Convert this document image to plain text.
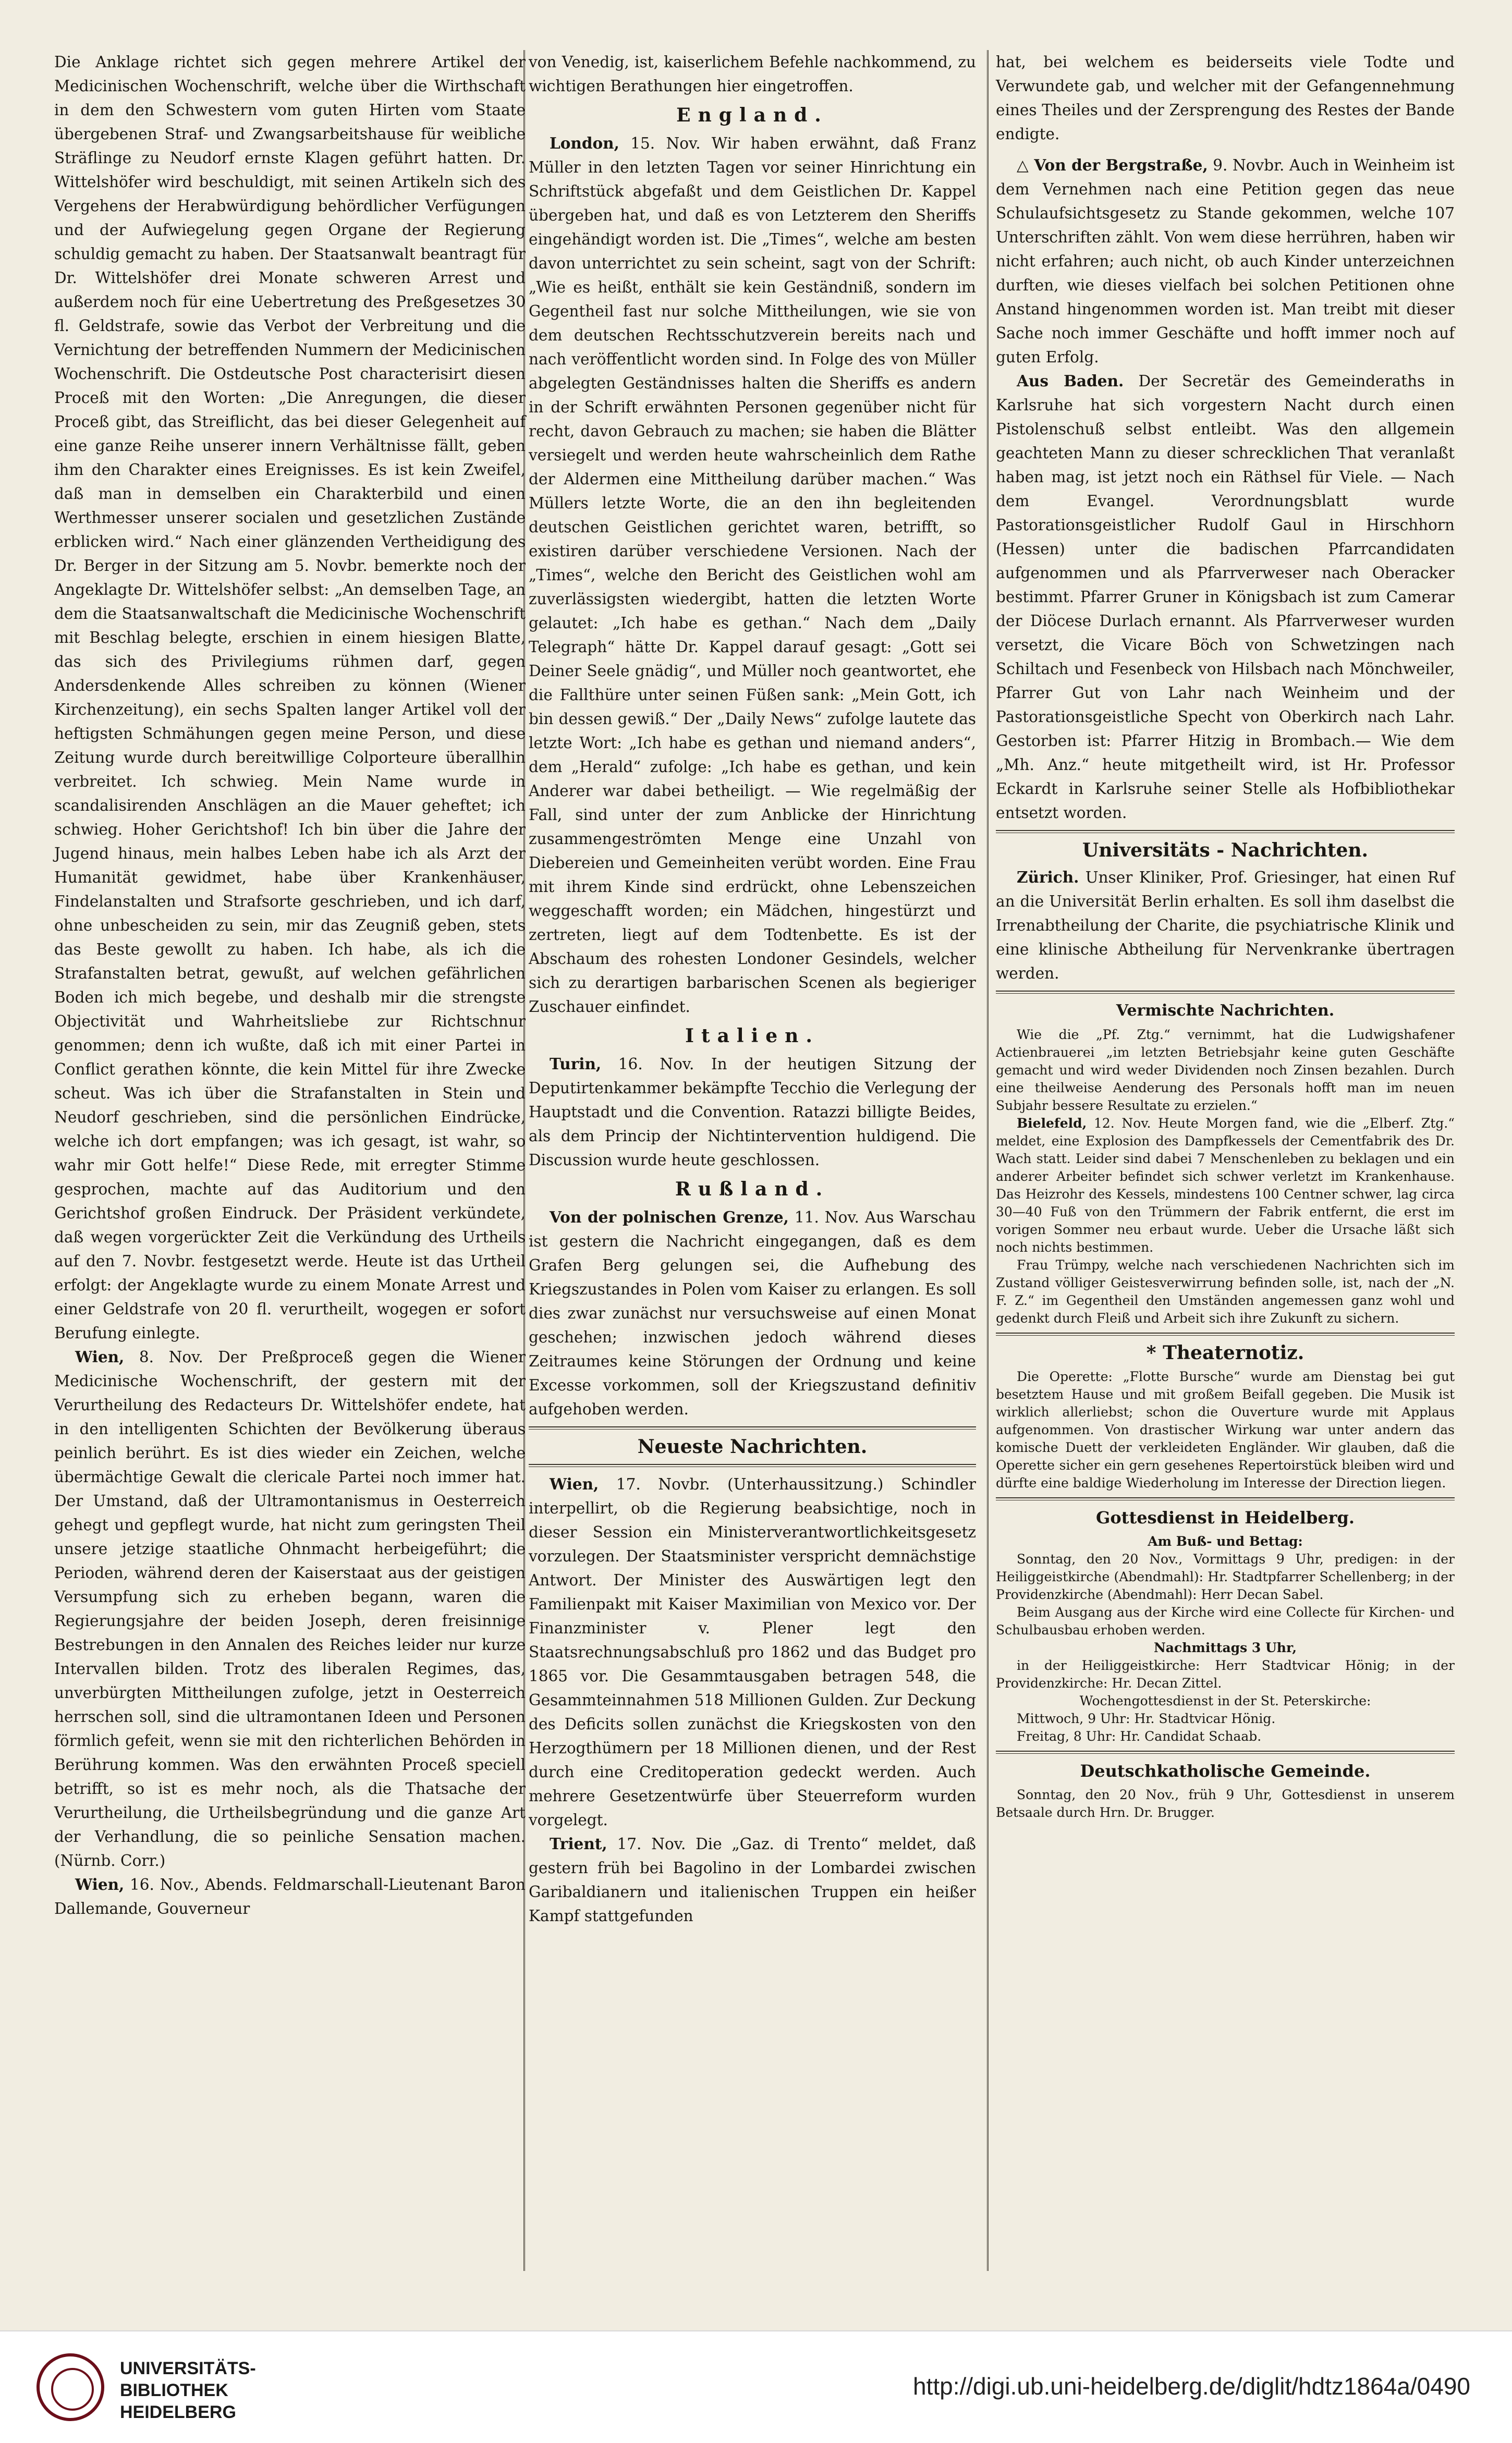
Die Anklage richtet sich gegen mehrere Artikel der Medicinischen Wochenschrift, welche über die Wirthschaft in dem den Schwestern vom guten Hirten vom Staate übergebenen Straf- und Zwangsarbeitshause für weibliche Sträflinge zu Neudorf ernste Klagen geführt hatten. Dr. Wittelshöfer wird beschuldigt, mit seinen Artikeln sich des Vergehens der Herabwürdigung behördlicher Verfügungen und der Aufwiegelung gegen Organe der Regierung schuldig gemacht zu haben. Der Staatsanwalt beantragt für Dr. Wittelshöfer drei Monate schweren Arrest und außerdem noch für eine Uebertretung des Preßgesetzes 30 fl. Geldstrafe, sowie das Verbot der Verbreitung und die Vernichtung der betreffenden Nummern der Medicinischen Wochenschrift. Die Ostdeutsche Post characterisirt diesen Proceß mit den Worten: „Die Anregungen, die dieser Proceß gibt, das Streiflicht, das bei dieser Gelegenheit auf eine ganze Reihe unserer innern Verhältnisse fällt, geben ihm den Charakter eines Ereignisses. Es ist kein Zweifel, daß man in demselben ein Charakterbild und einen Werthmesser unserer socialen und gesetzlichen Zustände erblicken wird.“ Nach einer glänzenden Vertheidigung des Dr. Berger in der Sitzung am 5. Novbr. bemerkte noch der Angeklagte Dr. Wittelshöfer selbst: „An demselben Tage, an dem die Staatsanwaltschaft die Medicinische Wochenschrift mit Beschlag belegte, erschien in einem hiesigen Blatte, das sich des Privilegiums rühmen darf, gegen Andersdenkende Alles schreiben zu können (Wiener Kirchenzeitung), ein sechs Spalten langer Artikel voll der heftigsten Schmähungen gegen meine Person, und diese Zeitung wurde durch bereitwillige Colporteure überallhin verbreitet. Ich schwieg. Mein Name wurde in scandalisirenden Anschlägen an die Mauer geheftet; ich schwieg. Hoher Gerichtshof! Ich bin über die Jahre der Jugend hinaus, mein halbes Leben habe ich als Arzt der Humanität gewidmet, habe über Krankenhäuser, Findelanstalten und Strafsorte geschrieben, und ich darf, ohne unbescheiden zu sein, mir das Zeugniß geben, stets das Beste gewollt zu haben. Ich habe, als ich die Strafanstalten betrat, gewußt, auf welchen gefährlichen Boden ich mich begebe, und deshalb mir die strengste Objectivität und Wahrheitsliebe zur Richtschnur genommen; denn ich wußte, daß ich mit einer Partei in Conflict gerathen könnte, die kein Mittel für ihre Zwecke scheut. Was ich über die Strafanstalten in Stein und Neudorf geschrieben, sind die persönlichen Eindrücke, welche ich dort empfangen; was ich gesagt, ist wahr, so wahr mir Gott helfe!“ Diese Rede, mit erregter Stimme gesprochen, machte auf das Auditorium und den Gerichtshof großen Eindruck. Der Präsident verkündete, daß wegen vorgerückter Zeit die Verkündung des Urtheils auf den 7. Novbr. festgesetzt werde. Heute ist das Urtheil erfolgt: der Angeklagte wurde zu einem Monate Arrest und einer Geldstrafe von 20 fl. verurtheilt, wogegen er sofort Berufung einlegte.

Wien, 8. Nov. Der Preßproceß gegen die Wiener Medicinische Wochenschrift, der gestern mit der Verurtheilung des Redacteurs Dr. Wittelshöfer endete, hat in den intelligenten Schichten der Bevölkerung überaus peinlich berührt. Es ist dies wieder ein Zeichen, welche übermächtige Gewalt die clericale Partei noch immer hat. Der Umstand, daß der Ultramontanismus in Oesterreich gehegt und gepflegt wurde, hat nicht zum geringsten Theil unsere jetzige staatliche Ohnmacht herbeigeführt; die Perioden, während deren der Kaiserstaat aus der geistigen Versumpfung sich zu erheben begann, waren die Regierungsjahre der beiden Joseph, deren freisinnige Bestrebungen in den Annalen des Reiches leider nur kurze Intervallen bilden. Trotz des liberalen Regimes, das, unverbürgten Mittheilungen zufolge, jetzt in Oesterreich herrschen soll, sind die ultramontanen Ideen und Personen förmlich gefeit, wenn sie mit den richterlichen Behörden in Berührung kommen. Was den erwähnten Proceß speciell betrifft, so ist es mehr noch, als die Thatsache der Verurtheilung, die Urtheilsbegründung und die ganze Art der Verhandlung, die so peinliche Sensation machen. (Nürnb. Corr.)

Wien, 16. Nov., Abends. Feldmarschall-Lieutenant Baron Dallemande, Gouverneur

von Venedig, ist, kaiserlichem Befehle nachkommend, zu wichtigen Berathungen hier eingetroffen.

England.

London, 15. Nov. Wir haben erwähnt, daß Franz Müller in den letzten Tagen vor seiner Hinrichtung ein Schriftstück abgefaßt und dem Geistlichen Dr. Kappel übergeben hat, und daß es von Letzterem den Sheriffs eingehändigt worden ist. Die „Times“, welche am besten davon unterrichtet zu sein scheint, sagt von der Schrift: „Wie es heißt, enthält sie kein Geständniß, sondern im Gegentheil fast nur solche Mittheilungen, wie sie von dem deutschen Rechtsschutzverein bereits nach und nach veröffentlicht worden sind. In Folge des von Müller abgelegten Geständnisses halten die Sheriffs es andern in der Schrift erwähnten Personen gegenüber nicht für recht, davon Gebrauch zu machen; sie haben die Blätter versiegelt und werden heute wahrscheinlich dem Rathe der Aldermen eine Mittheilung darüber machen.“ Was Müllers letzte Worte, die an den ihn begleitenden deutschen Geistlichen gerichtet waren, betrifft, so existiren darüber verschiedene Versionen. Nach der „Times“, welche den Bericht des Geistlichen wohl am zuverlässigsten wiedergibt, hatten die letzten Worte gelautet: „Ich habe es gethan.“ Nach dem „Daily Telegraph“ hätte Dr. Kappel darauf gesagt: „Gott sei Deiner Seele gnädig“, und Müller noch geantwortet, ehe die Fallthüre unter seinen Füßen sank: „Mein Gott, ich bin dessen gewiß.“ Der „Daily News“ zufolge lautete das letzte Wort: „Ich habe es gethan und niemand anders“, dem „Herald“ zufolge: „Ich habe es gethan, und kein Anderer war dabei betheiligt. — Wie regelmäßig der Fall, sind unter der zum Anblicke der Hinrichtung zusammengeströmten Menge eine Unzahl von Diebereien und Gemeinheiten verübt worden. Eine Frau mit ihrem Kinde sind erdrückt, ohne Lebenszeichen weggeschafft worden; ein Mädchen, hingestürzt und zertreten, liegt auf dem Todtenbette. Es ist der Abschaum des rohesten Londoner Gesindels, welcher sich zu derartigen barbarischen Scenen als begieriger Zuschauer einfindet.

Italien.

Turin, 16. Nov. In der heutigen Sitzung der Deputirtenkammer bekämpfte Tecchio die Verlegung der Hauptstadt und die Convention. Ratazzi billigte Beides, als dem Princip der Nichtintervention huldigend. Die Discussion wurde heute geschlossen.

Rußland.

Von der polnischen Grenze, 11. Nov. Aus Warschau ist gestern die Nachricht eingegangen, daß es dem Grafen Berg gelungen sei, die Aufhebung des Kriegszustandes in Polen vom Kaiser zu erlangen. Es soll dies zwar zunächst nur versuchsweise auf einen Monat geschehen; inzwischen jedoch während dieses Zeitraumes keine Störungen der Ordnung und keine Excesse vorkommen, soll der Kriegszustand definitiv aufgehoben werden.

Neueste Nachrichten.

Wien, 17. Novbr. (Unterhaussitzung.) Schindler interpellirt, ob die Regierung beabsichtige, noch in dieser Session ein Ministerverantwortlichkeitsgesetz vorzulegen. Der Staatsminister verspricht demnächstige Antwort. Der Minister des Auswärtigen legt den Familienpakt mit Kaiser Maximilian von Mexico vor. Der Finanzminister v. Plener legt den Staatsrechnungsabschluß pro 1862 und das Budget pro 1865 vor. Die Gesammtausgaben betragen 548, die Gesammteinnahmen 518 Millionen Gulden. Zur Deckung des Deficits sollen zunächst die Kriegskosten von den Herzogthümern per 18 Millionen dienen, und der Rest durch eine Creditoperation gedeckt werden. Auch mehrere Gesetzentwürfe über Steuerreform wurden vorgelegt.

Trient, 17. Nov. Die „Gaz. di Trento“ meldet, daß gestern früh bei Bagolino in der Lombardei zwischen Garibaldianern und italienischen Truppen ein heißer Kampf stattgefunden

hat, bei welchem es beiderseits viele Todte und Verwundete gab, und welcher mit der Gefangennehmung eines Theiles und der Zersprengung des Restes der Bande endigte.

△ Von der Bergstraße, 9. Novbr. Auch in Weinheim ist dem Vernehmen nach eine Petition gegen das neue Schulaufsichtsgesetz zu Stande gekommen, welche 107 Unterschriften zählt. Von wem diese herrühren, haben wir nicht erfahren; auch nicht, ob auch Kinder unterzeichnen durften, wie dieses vielfach bei solchen Petitionen ohne Anstand hingenommen worden ist. Man treibt mit dieser Sache noch immer Geschäfte und hofft immer noch auf guten Erfolg.

Aus Baden. Der Secretär des Gemeinderaths in Karlsruhe hat sich vorgestern Nacht durch einen Pistolenschuß selbst entleibt. Was den allgemein geachteten Mann zu dieser schrecklichen That veranlaßt haben mag, ist jetzt noch ein Räthsel für Viele. — Nach dem Evangel. Verordnungsblatt wurde Pastorationsgeistlicher Rudolf Gaul in Hirschhorn (Hessen) unter die badischen Pfarrcandidaten aufgenommen und als Pfarrverweser nach Oberacker bestimmt. Pfarrer Gruner in Königsbach ist zum Camerar der Diöcese Durlach ernannt. Als Pfarrverweser wurden versetzt, die Vicare Böch von Schwetzingen nach Schiltach und Fesenbeck von Hilsbach nach Mönchweiler, Pfarrer Gut von Lahr nach Weinheim und der Pastorationsgeistliche Specht von Oberkirch nach Lahr. Gestorben ist: Pfarrer Hitzig in Brombach.— Wie dem „Mh. Anz.“ heute mitgetheilt wird, ist Hr. Professor Eckardt in Karlsruhe seiner Stelle als Hofbibliothekar entsetzt worden.

Universitäts - Nachrichten.

Zürich. Unser Kliniker, Prof. Griesinger, hat einen Ruf an die Universität Berlin erhalten. Es soll ihm daselbst die Irrenabtheilung der Charite, die psychiatrische Klinik und eine klinische Abtheilung für Nervenkranke übertragen werden.

Vermischte Nachrichten.

Wie die „Pf. Ztg.“ vernimmt, hat die Ludwigshafener Actienbrauerei „im letzten Betriebsjahr keine guten Geschäfte gemacht und wird weder Dividenden noch Zinsen bezahlen. Durch eine theilweise Aenderung des Personals hofft man im neuen Subjahr bessere Resultate zu erzielen.“

Bielefeld, 12. Nov. Heute Morgen fand, wie die „Elberf. Ztg.“ meldet, eine Explosion des Dampfkessels der Cementfabrik des Dr. Wach statt. Leider sind dabei 7 Menschenleben zu beklagen und ein anderer Arbeiter befindet sich schwer verletzt im Krankenhause. Das Heizrohr des Kessels, mindestens 100 Centner schwer, lag circa 30—40 Fuß von den Trümmern der Fabrik entfernt, die erst im vorigen Sommer neu erbaut wurde. Ueber die Ursache läßt sich noch nichts bestimmen.

Frau Trümpy, welche nach verschiedenen Nachrichten sich im Zustand völliger Geistesverwirrung befinden solle, ist, nach der „N. F. Z.“ im Gegentheil den Umständen angemessen ganz wohl und gedenkt durch Fleiß und Arbeit sich ihre Zukunft zu sichern.

* Theaternotiz.

Die Operette: „Flotte Bursche“ wurde am Dienstag bei gut besetztem Hause und mit großem Beifall gegeben. Die Musik ist wirklich allerliebst; schon die Ouverture wurde mit Applaus aufgenommen. Von drastischer Wirkung war unter andern das komische Duett der verkleideten Engländer. Wir glauben, daß die Operette sicher ein gern gesehenes Repertoirstück bleiben wird und dürfte eine baldige Wiederholung im Interesse der Direction liegen.

Gottesdienst in Heidelberg.
Am Buß- und Bettag:

Sonntag, den 20 Nov., Vormittags 9 Uhr, predigen: in der Heiliggeistkirche (Abendmahl): Hr. Stadtpfarrer Schellenberg; in der Providenzkirche (Abendmahl): Herr Decan Sabel.

Beim Ausgang aus der Kirche wird eine Collecte für Kirchen- und Schulbausbau erhoben werden.

Nachmittags 3 Uhr,

in der Heiliggeistkirche: Herr Stadtvicar Hönig; in der Providenzkirche: Hr. Decan Zittel.

Wochengottesdienst in der St. Peterskirche:

Mittwoch, 9 Uhr: Hr. Stadtvicar Hönig.

Freitag, 8 Uhr: Hr. Candidat Schaab.

Deutschkatholische Gemeinde.

Sonntag, den 20 Nov., früh 9 Uhr, Gottesdienst in unserem Betsaale durch Hrn. Dr. Brugger.

UNIVERSITÄTS-
BIBLIOTHEK
HEIDELBERG
http://digi.ub.uni-heidelberg.de/diglit/hdtz1864a/0490
